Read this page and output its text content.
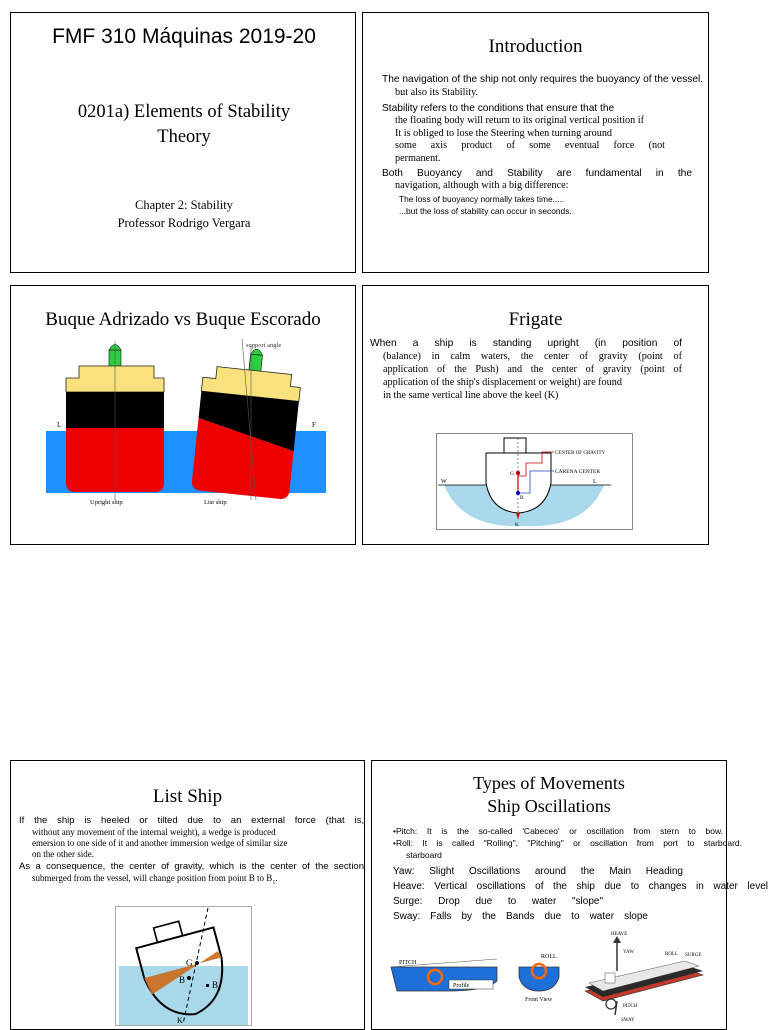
FMF 310 Máquinas 2019-20
0201a) Elements of Stability
Theory
Chapter 2: Stability
Professor Rodrigo Vergara
Introduction
The navigation of the ship not only requires the buoyancy of the vessel.
but also its Stability.
Stability refers to the conditions that ensure that the
the floating body will return to its original vertical position if
It is obliged to lose the Steering when turning around
some axis product of some eventual force (not
permanent.
Both Buoyancy and Stability are fundamental in the
navigation, although with a big difference:
The loss of buoyancy normally takes time.....
...but the loss of stability can occur in seconds.
Buque Adrizado vs Buque Escorado
support angle
L	F
Upright ship	List ship
Frigate
When a ship is standing upright (in position of
(balance) in calm waters, the center of gravity (point of
application of the Push) and the center of gravity (point of
application of the ship's displacement or weight) are found
in the same vertical line above the keel (K)
CENTER OF GRAVITY
CARENA CENTER
W	L
G
B
K
List Ship
If the ship is heeled or tilted due to an external force (that is,
without any movement of the internal weight), a wedge is produced
emersion to one side of it and another immersion wedge of similar size
on the other side.
As a consequence, the center of gravity, which is the center of the section
submerged from the vessel, will change position from point B to $B_1$.
G
B	$B_1$
K
Types of Movements
Ship Oscillations
•Pitch: It is the so-called 'Cabeceo' or oscillation from stern to bow.
•Roll: It is called "Rolling", "Pitching" or oscillation from port to starboard.
starboard
Yaw: Slight Oscillations around the Main Heading
Heave: Vertical oscillations of the ship due to changes in water level
Surge: Drop due to water "slope"
Sway: Falls by the Bands due to water slope
PITCH
Profile
ROLL
Front View
HEAVE
YAW	ROLL SURGE
PITCH
SWAY
